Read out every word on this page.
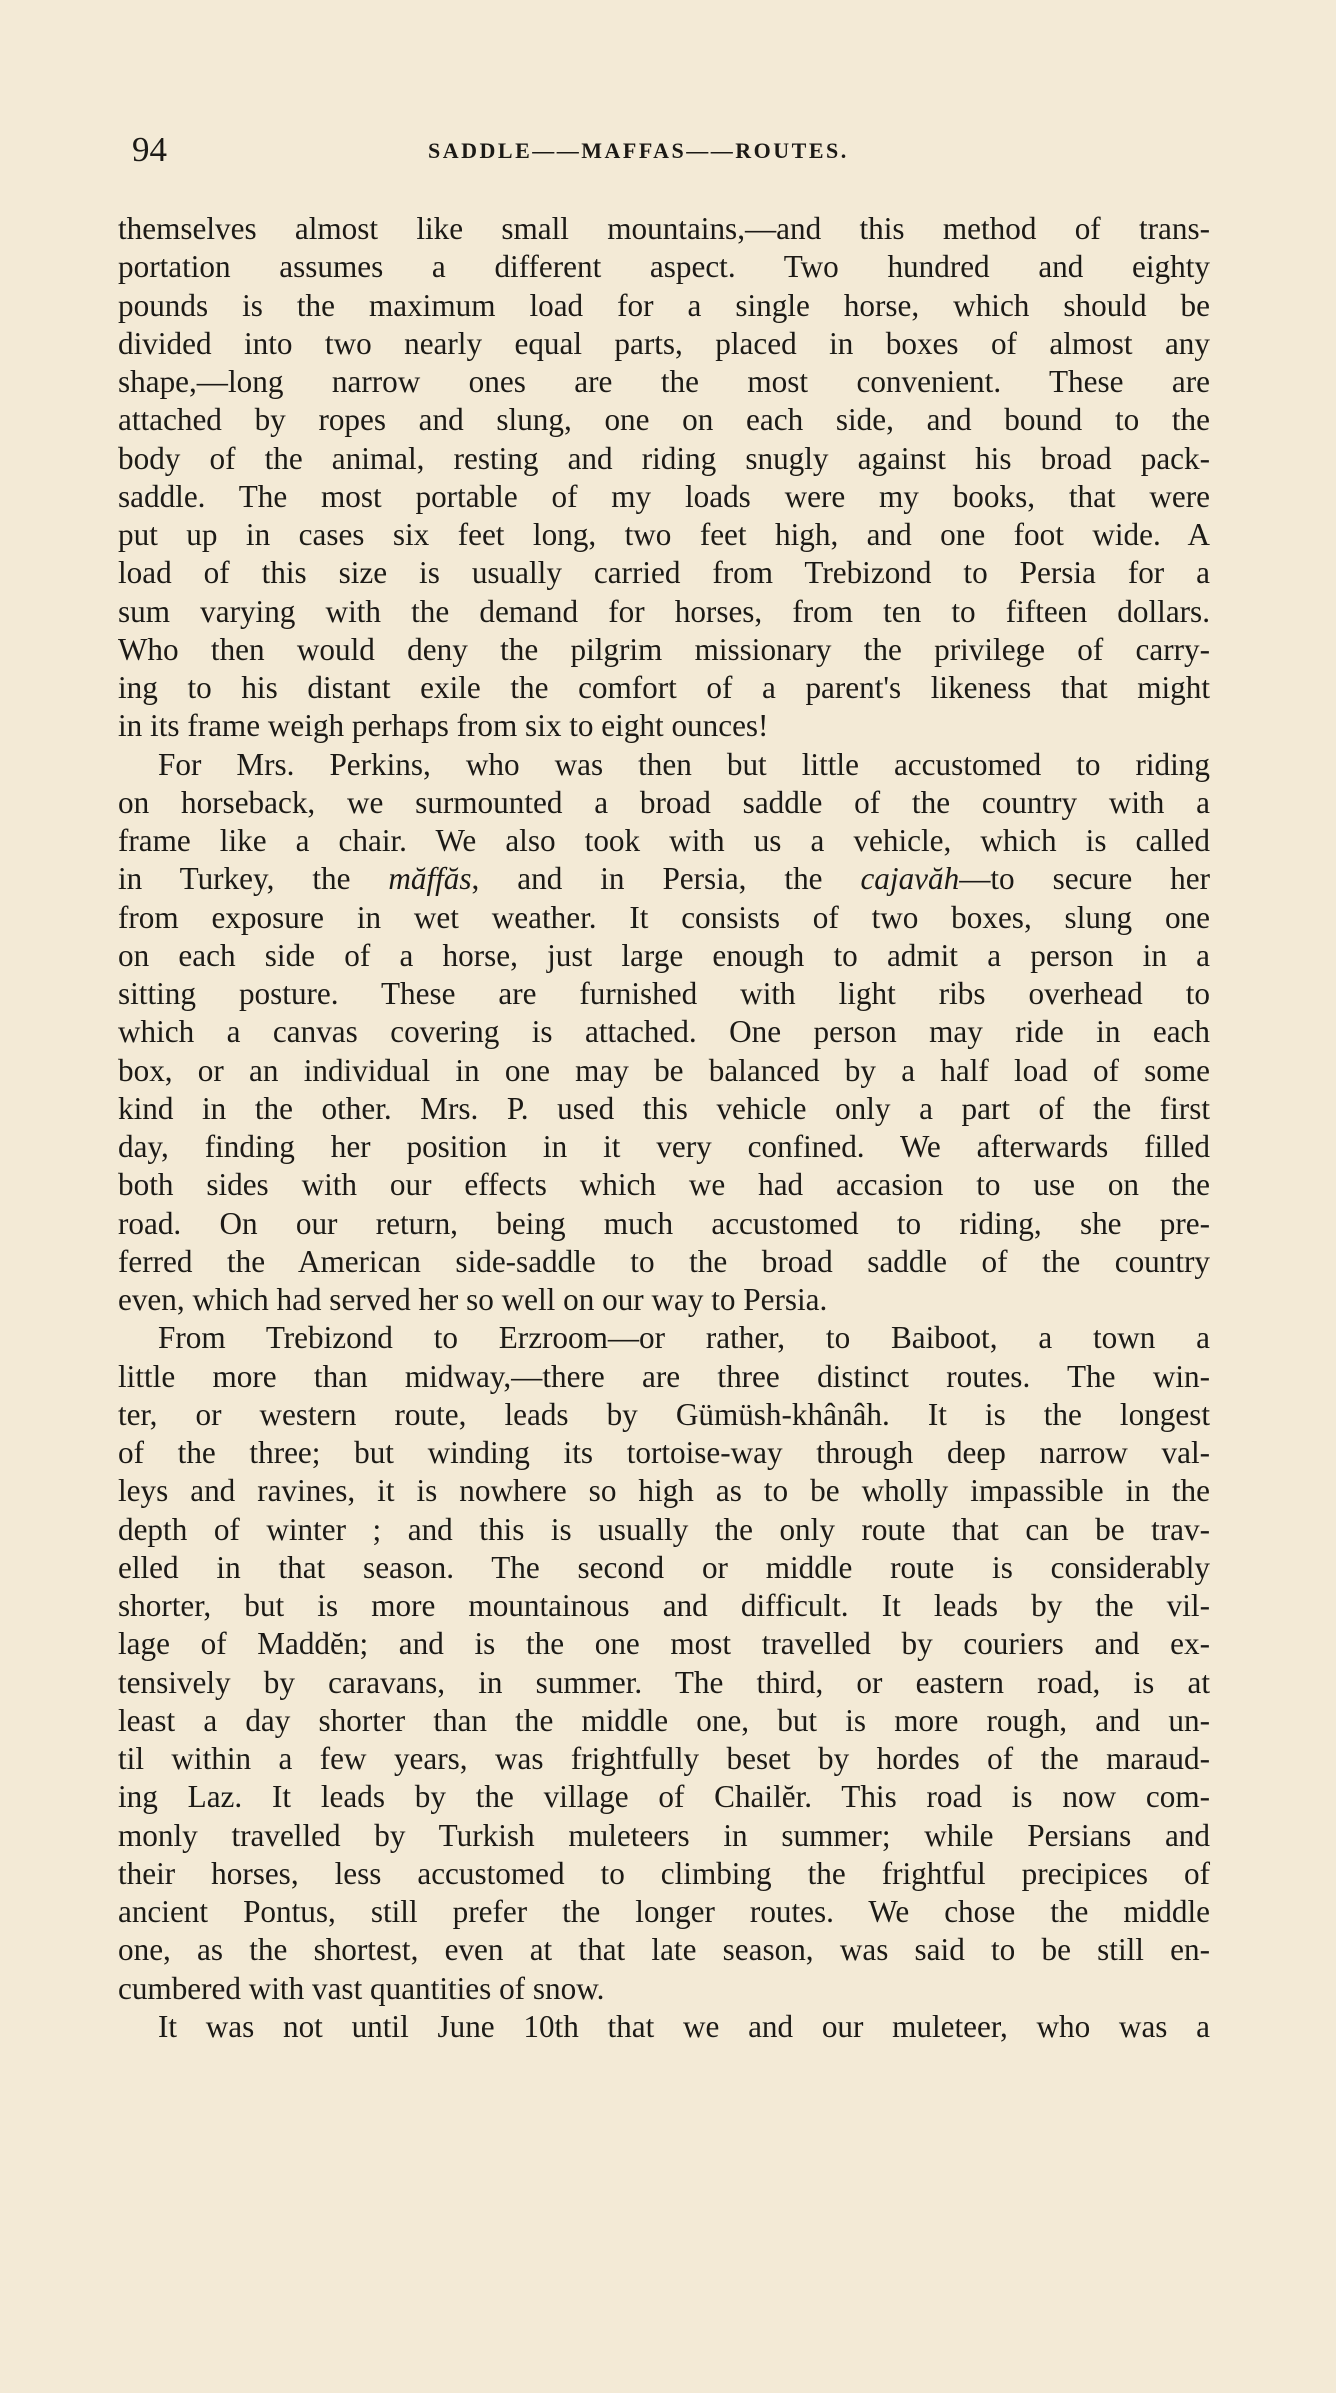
94	SADDLE——MAFFAS——ROUTES.
themselves almost like small mountains,—and this method of trans-
portation assumes a different aspect. Two hundred and eighty
pounds is the maximum load for a single horse, which should be
divided into two nearly equal parts, placed in boxes of almost any
shape,—long narrow ones are the most convenient. These are
attached by ropes and slung, one on each side, and bound to the
body of the animal, resting and riding snugly against his broad pack-
saddle. The most portable of my loads were my books, that were
put up in cases six feet long, two feet high, and one foot wide. A
load of this size is usually carried from Trebizond to Persia for a
sum varying with the demand for horses, from ten to fifteen dollars.
Who then would deny the pilgrim missionary the privilege of carry-
ing to his distant exile the comfort of a parent's likeness that might
in its frame weigh perhaps from six to eight ounces!
For Mrs. Perkins, who was then but little accustomed to riding
on horseback, we surmounted a broad saddle of the country with a
frame like a chair. We also took with us a vehicle, which is called
in Turkey, the măffăs, and in Persia, the cajavăh—to secure her
from exposure in wet weather. It consists of two boxes, slung one
on each side of a horse, just large enough to admit a person in a
sitting posture. These are furnished with light ribs overhead to
which a canvas covering is attached. One person may ride in each
box, or an individual in one may be balanced by a half load of some
kind in the other. Mrs. P. used this vehicle only a part of the first
day, finding her position in it very confined. We afterwards filled
both sides with our effects which we had accasion to use on the
road. On our return, being much accustomed to riding, she pre-
ferred the American side-saddle to the broad saddle of the country
even, which had served her so well on our way to Persia.
From Trebizond to Erzroom—or rather, to Baiboot, a town a
little more than midway,—there are three distinct routes. The win-
ter, or western route, leads by Gümüsh-khânâh. It is the longest
of the three; but winding its tortoise-way through deep narrow val-
leys and ravines, it is nowhere so high as to be wholly impassible in the
depth of winter ; and this is usually the only route that can be trav-
elled in that season. The second or middle route is considerably
shorter, but is more mountainous and difficult. It leads by the vil-
lage of Maddĕn; and is the one most travelled by couriers and ex-
tensively by caravans, in summer. The third, or eastern road, is at
least a day shorter than the middle one, but is more rough, and un-
til within a few years, was frightfully beset by hordes of the maraud-
ing Laz. It leads by the village of Chailĕr. This road is now com-
monly travelled by Turkish muleteers in summer; while Persians and
their horses, less accustomed to climbing the frightful precipices of
ancient Pontus, still prefer the longer routes. We chose the middle
one, as the shortest, even at that late season, was said to be still en-
cumbered with vast quantities of snow.
It was not until June 10th that we and our muleteer, who was a
